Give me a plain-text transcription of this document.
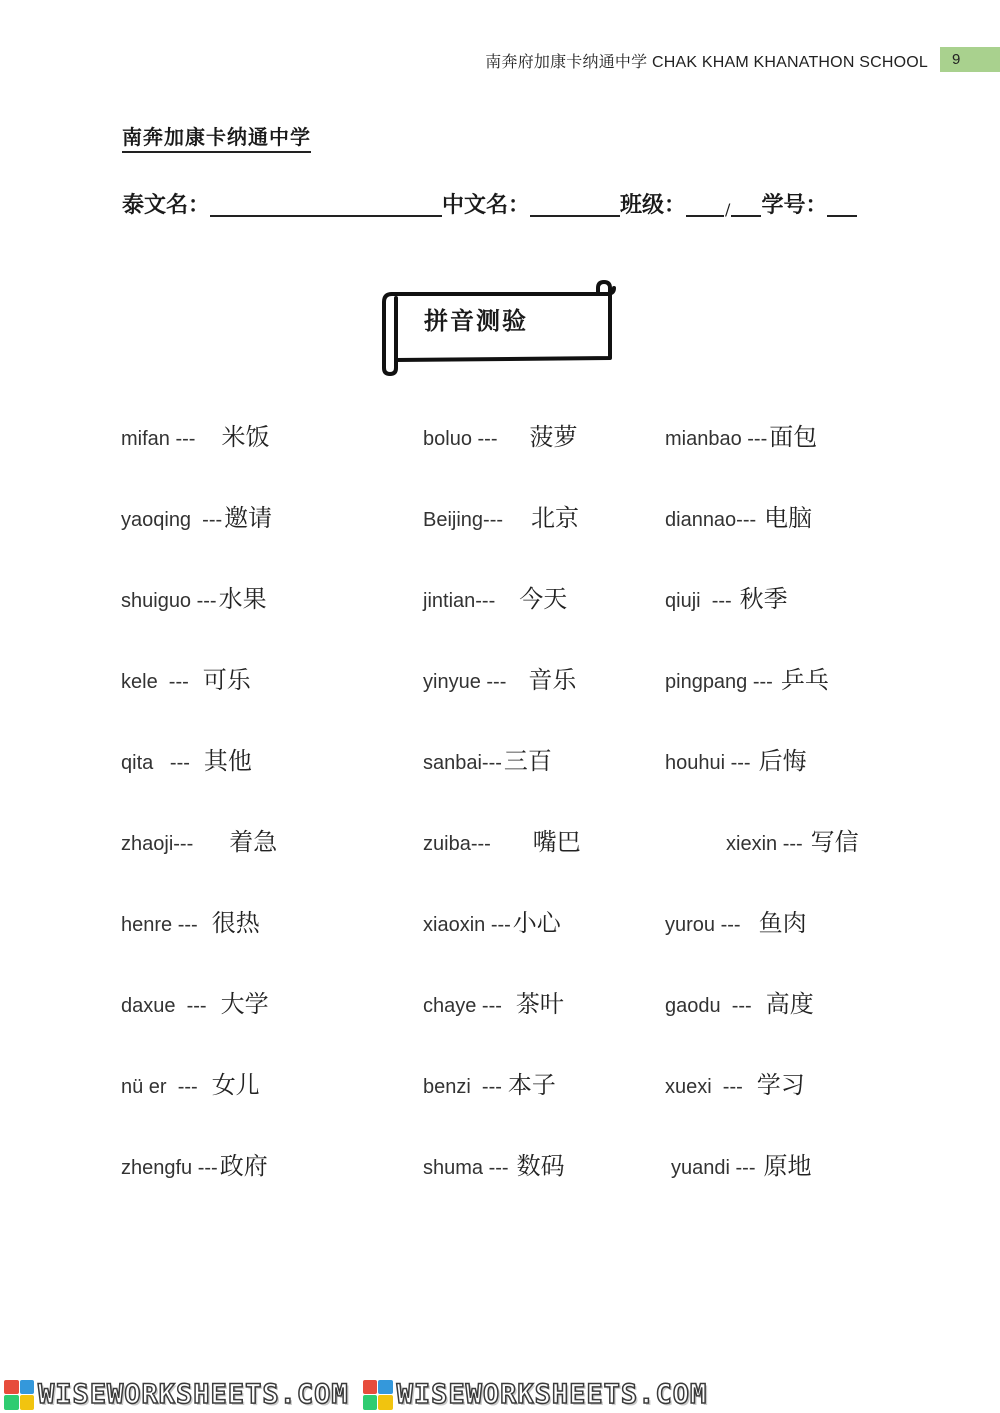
南奔府加康卡纳通中学 CHAK KHAM KHANATHON SCHOOL	9
南奔加康卡纳通中学
泰文名：	中文名：	班级： / 学号：
拼音测验
mifan --- 米饭	boluo --- 菠萝	mianbao --- 面包
yaoqing  --- 邀请	Beijing--- 北京	diannao--- 电脑
shuiguo --- 水果	jintian--- 今天	qiuji  --- 秋季
kele  --- 可乐	yinyue --- 音乐	pingpang --- 乒乓
qita   --- 其他	sanbai--- 三百	houhui --- 后悔
zhaoji--- 着急	zuiba--- 嘴巴	xiexin --- 写信
henre --- 很热	xiaoxin --- 小心	yurou --- 鱼肉
daxue  --- 大学	chaye --- 茶叶	gaodu  --- 高度
nü er  --- 女儿	benzi  --- 本子	xuexi  --- 学习
zhengfu --- 政府	shuma --- 数码	yuandi --- 原地
WISEWORKSHEETS.COM WISEWORKSHEETS.COM
